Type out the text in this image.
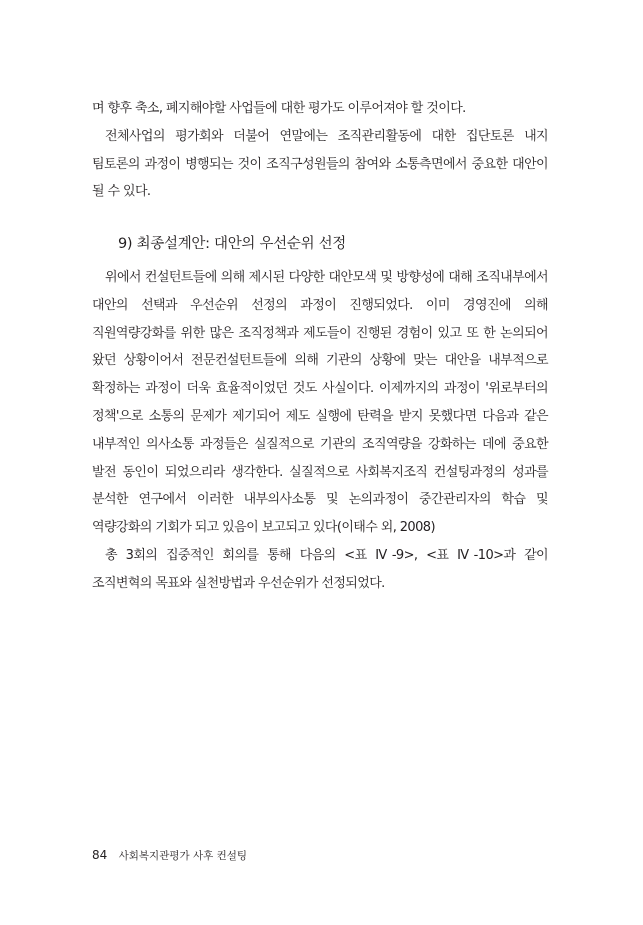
며 향후 축소, 폐지해야할 사업들에 대한 평가도 이루어져야 할 것이다.

전체사업의 평가회와 더불어 연말에는 조직관리활동에 대한 집단토론 내지 팀토론의 과정이 병행되는 것이 조직구성원들의 참여와 소통측면에서 중요한 대안이 될 수 있다.

9) 최종설계안: 대안의 우선순위 선정

위에서 컨설턴트들에 의해 제시된 다양한 대안모색 및 방향성에 대해 조직내부에서 대안의 선택과 우선순위 선정의 과정이 진행되었다. 이미 경영진에 의해 직원역량강화를 위한 많은 조직정책과 제도들이 진행된 경험이 있고 또 한 논의되어 왔던 상황이어서 전문컨설턴트들에 의해 기관의 상황에 맞는 대안을 내부적으로 확정하는 과정이 더욱 효율적이었던 것도 사실이다. 이제까지의 과정이 '위로부터의 정책'으로 소통의 문제가 제기되어 제도 실행에 탄력을 받지 못했다면 다음과 같은 내부적인 의사소통 과정들은 실질적으로 기관의 조직역량을 강화하는 데에 중요한 발전 동인이 되었으리라 생각한다. 실질적으로 사회복지조직 컨설팅과정의 성과를 분석한 연구에서 이러한 내부의사소통 및 논의과정이 중간관리자의 학습 및 역량강화의 기회가 되고 있음이 보고되고 있다(이태수 외, 2008)

총 3회의 집중적인 회의를 통해 다음의 <표 Ⅳ-9>, <표 Ⅳ-10>과 같이 조직변혁의 목표와 실천방법과 우선순위가 선정되었다.

84 사회복지관평가 사후 컨설팅
